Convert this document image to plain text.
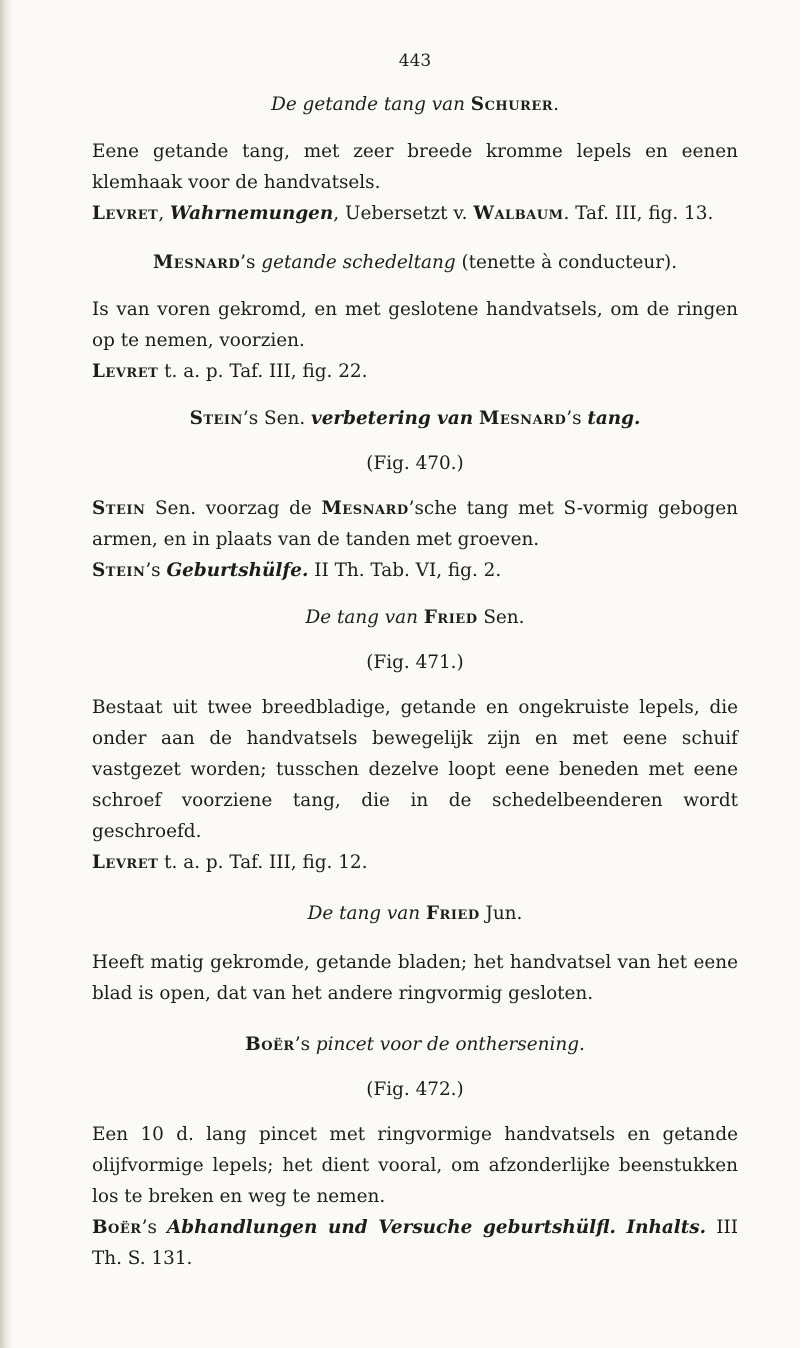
443
De getande tang van Schurer.

Eene getande tang, met zeer breede kromme lepels en eenen klemhaak voor de handvatsels.

Levret, Wahrnemungen, Uebersetzt v. Walbaum. Taf. III, fig. 13.

Mesnard’s getande schedeltang (tenette à conducteur).

Is van voren gekromd, en met geslotene handvatsels, om de ringen op te nemen, voorzien.

Levret t. a. p. Taf. III, fig. 22.

Stein’s Sen. verbetering van Mesnard’s tang.
(Fig. 470.)

Stein Sen. voorzag de Mesnard’sche tang met S-vormig gebogen armen, en in plaats van de tanden met groeven.

Stein’s Geburtshülfe. II Th. Tab. VI, fig. 2.

De tang van Fried Sen.
(Fig. 471.)

Bestaat uit twee breedbladige, getande en ongekruiste lepels, die onder aan de handvatsels bewegelijk zijn en met eene schuif vastgezet worden; tusschen dezelve loopt eene beneden met eene schroef voorziene tang, die in de schedelbeenderen wordt geschroefd.

Levret t. a. p. Taf. III, fig. 12.

De tang van Fried Jun.

Heeft matig gekromde, getande bladen; het handvatsel van het eene blad is open, dat van het andere ringvormig gesloten.

Boër’s pincet voor de onthersening.
(Fig. 472.)

Een 10 d. lang pincet met ringvormige handvatsels en getande olijfvormige lepels; het dient vooral, om afzonderlijke beenstukken los te breken en weg te nemen.

Boër’s Abhandlungen und Versuche geburtshülfl. Inhalts. III Th. S. 131.
